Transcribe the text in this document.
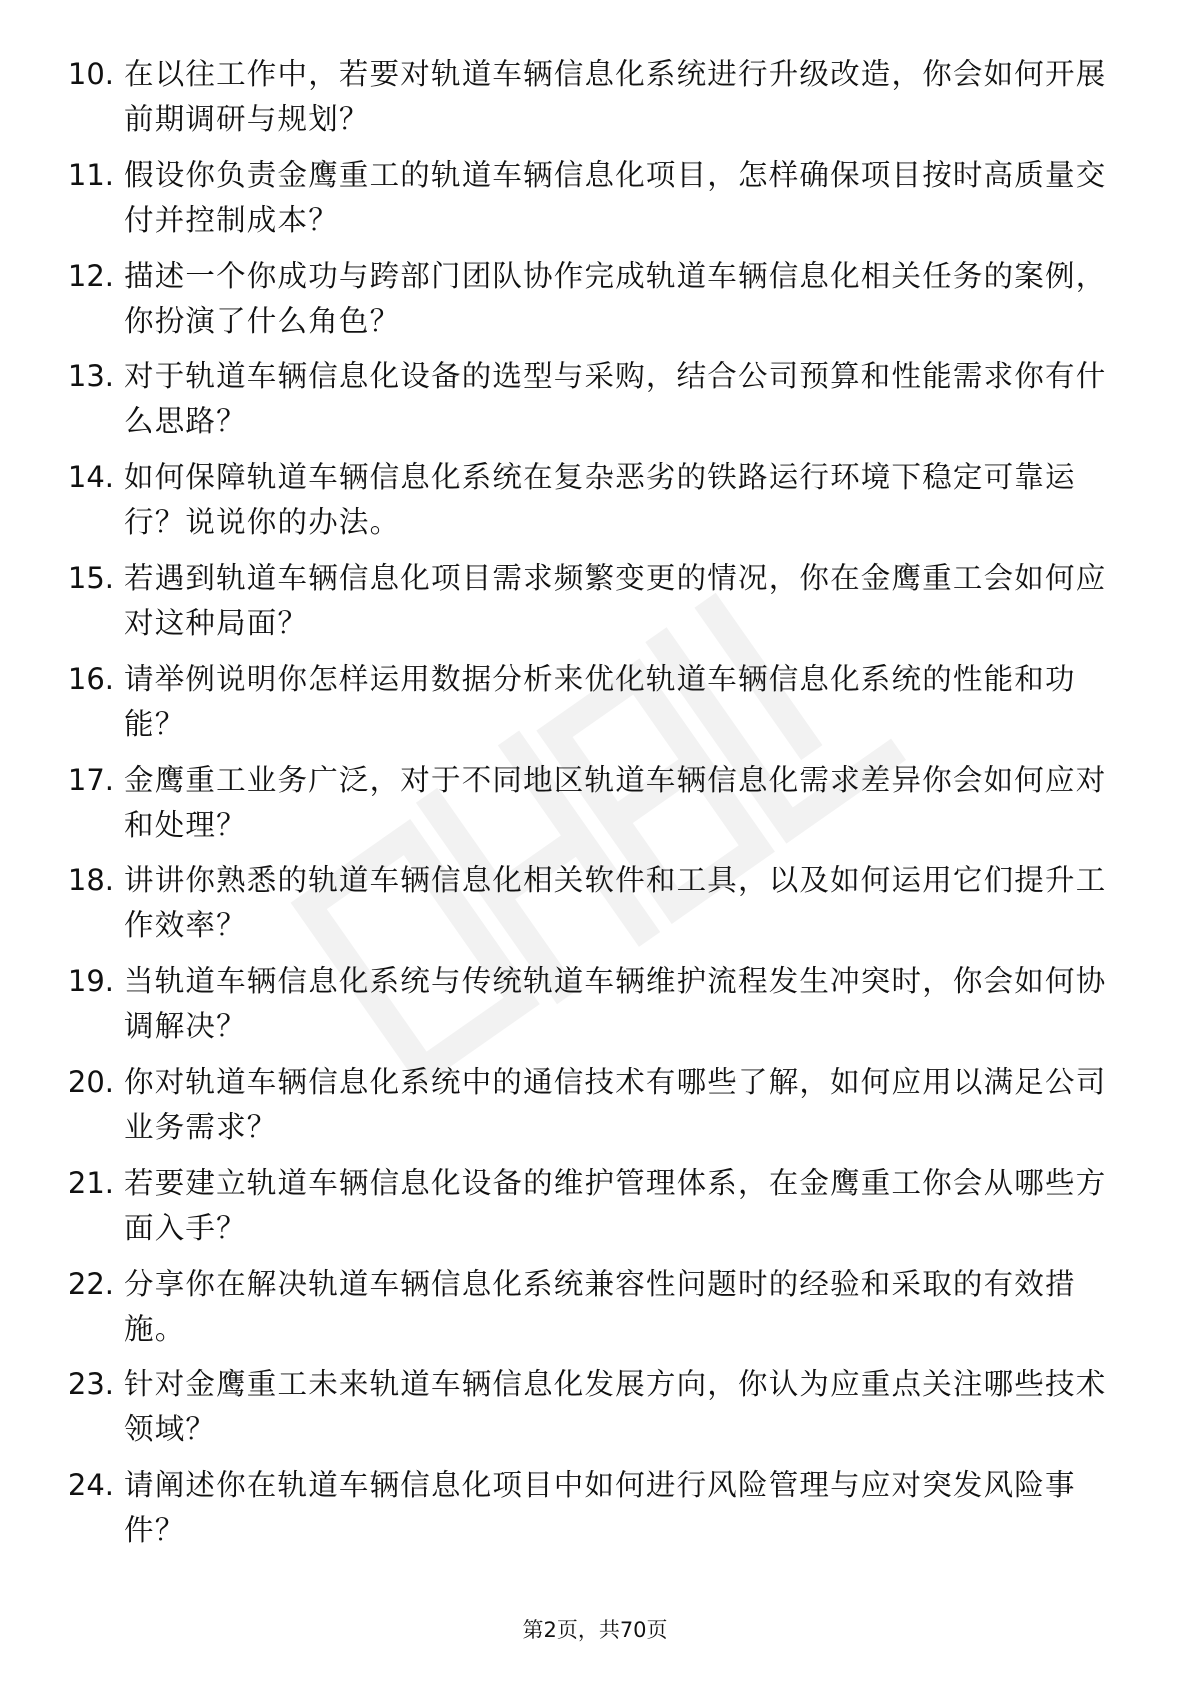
10. 在以往工作中，若要对轨道车辆信息化系统进行升级改造，你会如何开展前期调研与规划？
11. 假设你负责金鹰重工的轨道车辆信息化项目，怎样确保项目按时高质量交付并控制成本？
12. 描述一个你成功与跨部门团队协作完成轨道车辆信息化相关任务的案例，你扮演了什么角色？
13. 对于轨道车辆信息化设备的选型与采购，结合公司预算和性能需求你有什么思路？
14. 如何保障轨道车辆信息化系统在复杂恶劣的铁路运行环境下稳定可靠运行？说说你的办法。
15. 若遇到轨道车辆信息化项目需求频繁变更的情况，你在金鹰重工会如何应对这种局面？
16. 请举例说明你怎样运用数据分析来优化轨道车辆信息化系统的性能和功能？
17. 金鹰重工业务广泛，对于不同地区轨道车辆信息化需求差异你会如何应对和处理？
18. 讲讲你熟悉的轨道车辆信息化相关软件和工具，以及如何运用它们提升工作效率？
19. 当轨道车辆信息化系统与传统轨道车辆维护流程发生冲突时，你会如何协调解决？
20. 你对轨道车辆信息化系统中的通信技术有哪些了解，如何应用以满足公司业务需求？
21. 若要建立轨道车辆信息化设备的维护管理体系，在金鹰重工你会从哪些方面入手？
22. 分享你在解决轨道车辆信息化系统兼容性问题时的经验和采取的有效措施。
23. 针对金鹰重工未来轨道车辆信息化发展方向，你认为应重点关注哪些技术领域？
24. 请阐述你在轨道车辆信息化项目中如何进行风险管理与应对突发风险事件？
第2页，共70页
